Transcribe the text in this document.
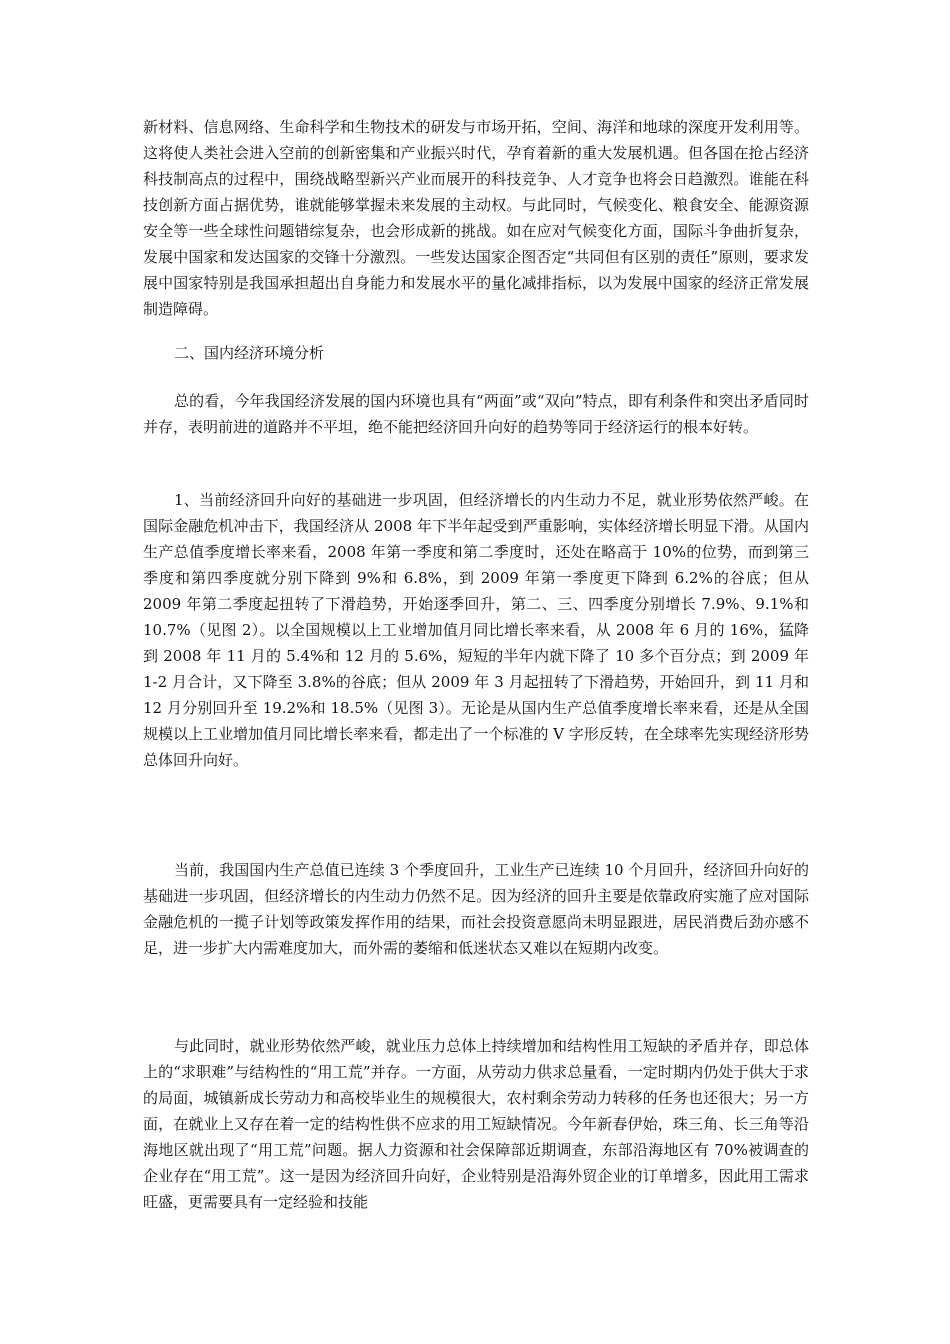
新材料、信息网络、生命科学和生物技术的研发与市场开拓，空间、海洋和地球的深度开发利用等。这将使人类社会进入空前的创新密集和产业振兴时代，孕育着新的重大发展机遇。但各国在抢占经济科技制高点的过程中，围绕战略型新兴产业而展开的科技竞争、人才竞争也将会日趋激烈。谁能在科技创新方面占据优势，谁就能够掌握未来发展的主动权。与此同时，气候变化、粮食安全、能源资源安全等一些全球性问题错综复杂，也会形成新的挑战。如在应对气候变化方面，国际斗争曲折复杂，发展中国家和发达国家的交锋十分激烈。一些发达国家企图否定“共同但有区别的责任”原则，要求发展中国家特别是我国承担超出自身能力和发展水平的量化减排指标，以为发展中国家的经济正常发展制造障碍。

二、国内经济环境分析

总的看，今年我国经济发展的国内环境也具有“两面”或“双向”特点，即有利条件和突出矛盾同时并存，表明前进的道路并不平坦，绝不能把经济回升向好的趋势等同于经济运行的根本好转。

1、当前经济回升向好的基础进一步巩固，但经济增长的内生动力不足，就业形势依然严峻。在国际金融危机冲击下，我国经济从 2008 年下半年起受到严重影响，实体经济增长明显下滑。从国内生产总值季度增长率来看，2008 年第一季度和第二季度时，还处在略高于 10%的位势，而到第三季度和第四季度就分别下降到 9%和 6.8%，到 2009 年第一季度更下降到 6.2%的谷底；但从 2009 年第二季度起扭转了下滑趋势，开始逐季回升，第二、三、四季度分别增长 7.9%、9.1%和 10.7%（见图 2）。以全国规模以上工业增加值月同比增长率来看，从 2008 年 6 月的 16%，猛降到 2008 年 11 月的 5.4%和 12 月的 5.6%，短短的半年内就下降了 10 多个百分点；到 2009 年 1-2 月合计，又下降至 3.8%的谷底；但从 2009 年 3 月起扭转了下滑趋势，开始回升，到 11 月和 12 月分别回升至 19.2%和 18.5%（见图 3）。无论是从国内生产总值季度增长率来看，还是从全国规模以上工业增加值月同比增长率来看，都走出了一个标准的 V 字形反转，在全球率先实现经济形势总体回升向好。

当前，我国国内生产总值已连续 3 个季度回升，工业生产已连续 10 个月回升，经济回升向好的基础进一步巩固，但经济增长的内生动力仍然不足。因为经济的回升主要是依靠政府实施了应对国际金融危机的一揽子计划等政策发挥作用的结果，而社会投资意愿尚未明显跟进，居民消费后劲亦感不足，进一步扩大内需难度加大，而外需的萎缩和低迷状态又难以在短期内改变。

与此同时，就业形势依然严峻，就业压力总体上持续增加和结构性用工短缺的矛盾并存，即总体上的“求职难”与结构性的“用工荒”并存。一方面，从劳动力供求总量看，一定时期内仍处于供大于求的局面，城镇新成长劳动力和高校毕业生的规模很大，农村剩余劳动力转移的任务也还很大；另一方面，在就业上又存在着一定的结构性供不应求的用工短缺情况。今年新春伊始，珠三角、长三角等沿海地区就出现了“用工荒”问题。据人力资源和社会保障部近期调查，东部沿海地区有 70%被调查的企业存在“用工荒”。这一是因为经济回升向好，企业特别是沿海外贸企业的订单增多，因此用工需求旺盛，更需要具有一定经验和技能
